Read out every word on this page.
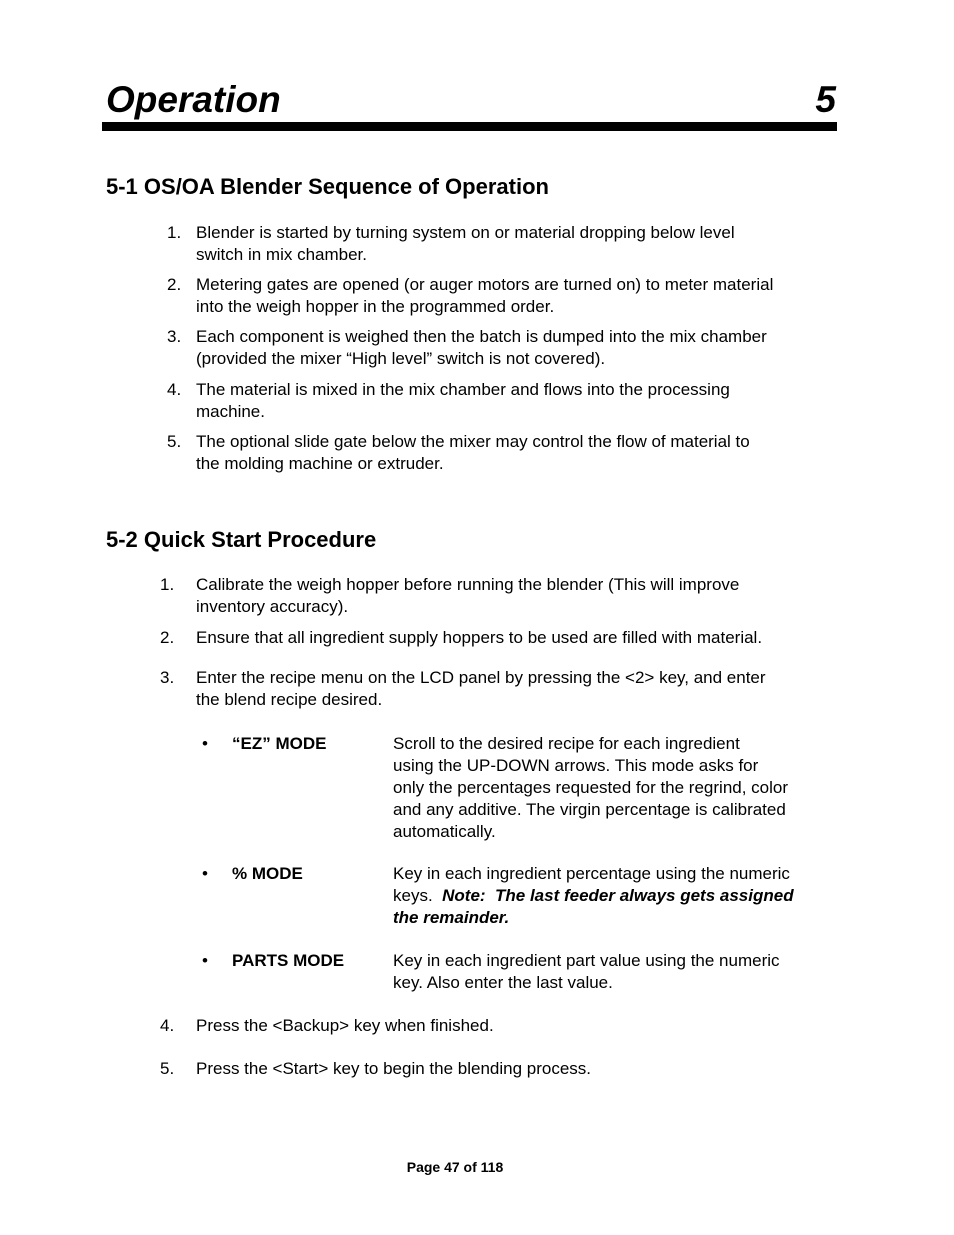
Operation	5
5-1 OS/OA Blender Sequence of Operation
1. Blender is started by turning system on or material dropping below level
switch in mix chamber.
2. Metering gates are opened (or auger motors are turned on) to meter material
into the weigh hopper in the programmed order.
3. Each component is weighed then the batch is dumped into the mix chamber
(provided the mixer “High level” switch is not covered).
4. The material is mixed in the mix chamber and flows into the processing
machine.
5. The optional slide gate below the mixer may control the flow of material to
the molding machine or extruder.
5-2 Quick Start Procedure
1. Calibrate the weigh hopper before running the blender (This will improve
inventory accuracy).
2. Ensure that all ingredient supply hoppers to be used are filled with material.
3. Enter the recipe menu on the LCD panel by pressing the <2> key, and enter
the blend recipe desired.
• “EZ” MODE	Scroll to the desired recipe for each ingredient
using the UP-DOWN arrows. This mode asks for
only the percentages requested for the regrind, color
and any additive. The virgin percentage is calibrated
automatically.
• % MODE	Key in each ingredient percentage using the numeric
keys.  Note:  The last feeder always gets assigned
the remainder.
• PARTS MODE	Key in each ingredient part value using the numeric
key. Also enter the last value.
4. Press the <Backup> key when finished.
5. Press the <Start> key to begin the blending process.
Page 47 of 118
